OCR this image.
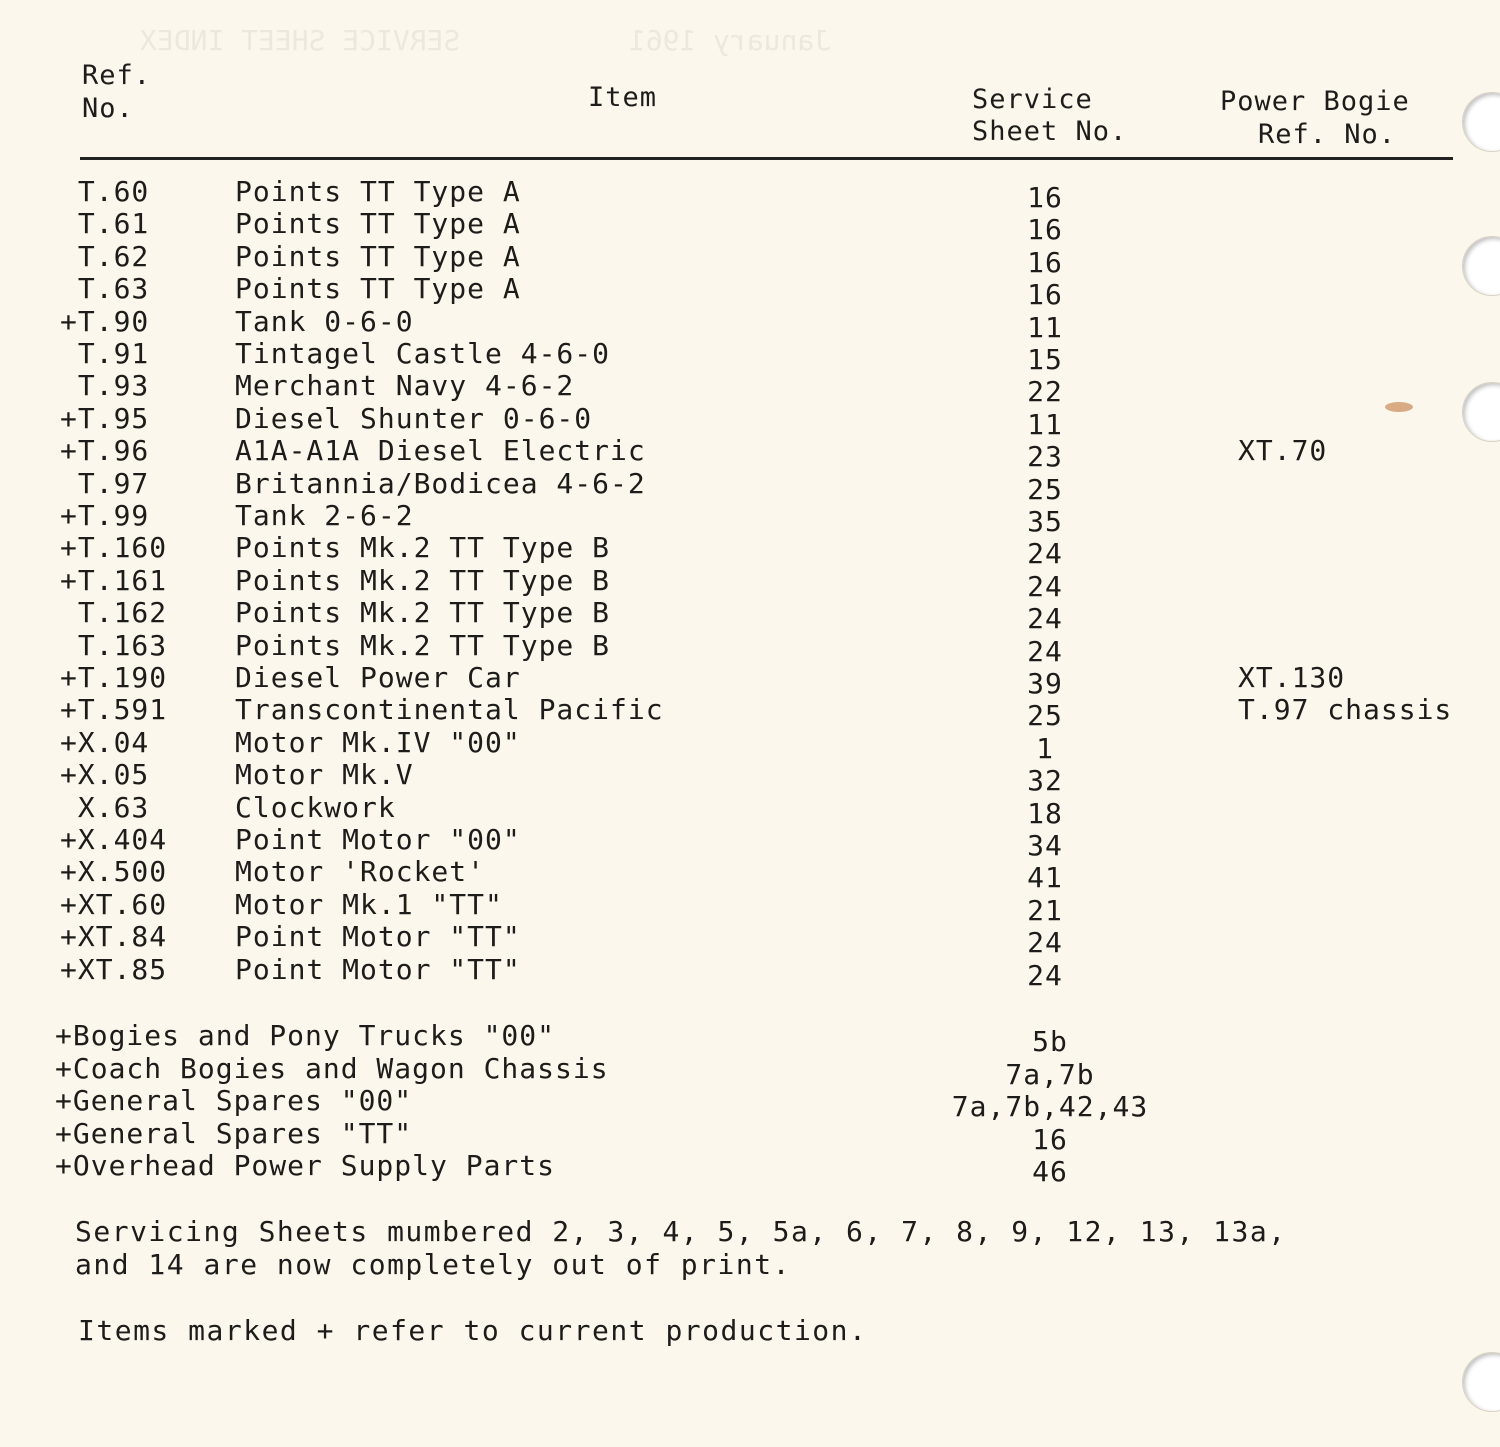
January 1961          SERVICE SHEET INDEX
Ref.
No.	Item	Service
Sheet No.
Power Bogie
Ref. No.
T.60	Points TT Type A	16
T.61	Points TT Type A	16
T.62	Points TT Type A	16
T.63	Points TT Type A	16
+T.90	Tank 0-6-0	11
T.91	Tintagel Castle 4-6-0	15
T.93	Merchant Navy 4-6-2	22
+T.95	Diesel Shunter 0-6-0	11
+T.96	A1A-A1A Diesel Electric	23	XT.70
T.97	Britannia/Bodicea 4-6-2	25
+T.99	Tank 2-6-2	35
+T.160 Points Mk.2 TT Type B	24
+T.161 Points Mk.2 TT Type B	24
T.162 Points Mk.2 TT Type B	24
T.163 Points Mk.2 TT Type B	24
+T.190 Diesel Power Car	39	XT.130
+T.591 Transcontinental Pacific	25	T.97 chassis
+X.04	Motor Mk.IV "00"	1
+X.05	Motor Mk.V	32
X.63	Clockwork	18
+X.404 Point Motor "00"	34
+X.500 Motor 'Rocket'	41
+XT.60 Motor Mk.1 "TT"	21
+XT.84 Point Motor "TT"	24
+XT.85 Point Motor "TT"	24
+Bogies and Pony Trucks "00"	5b
+Coach Bogies and Wagon Chassis	7a,7b
+General Spares "00"	7a,7b,42,43
+General Spares "TT"	16
+Overhead Power Supply Parts	46
Servicing Sheets mumbered 2, 3, 4, 5, 5a, 6, 7, 8, 9, 12, 13, 13a,
and 14 are now completely out of print.
Items marked + refer to current production.
